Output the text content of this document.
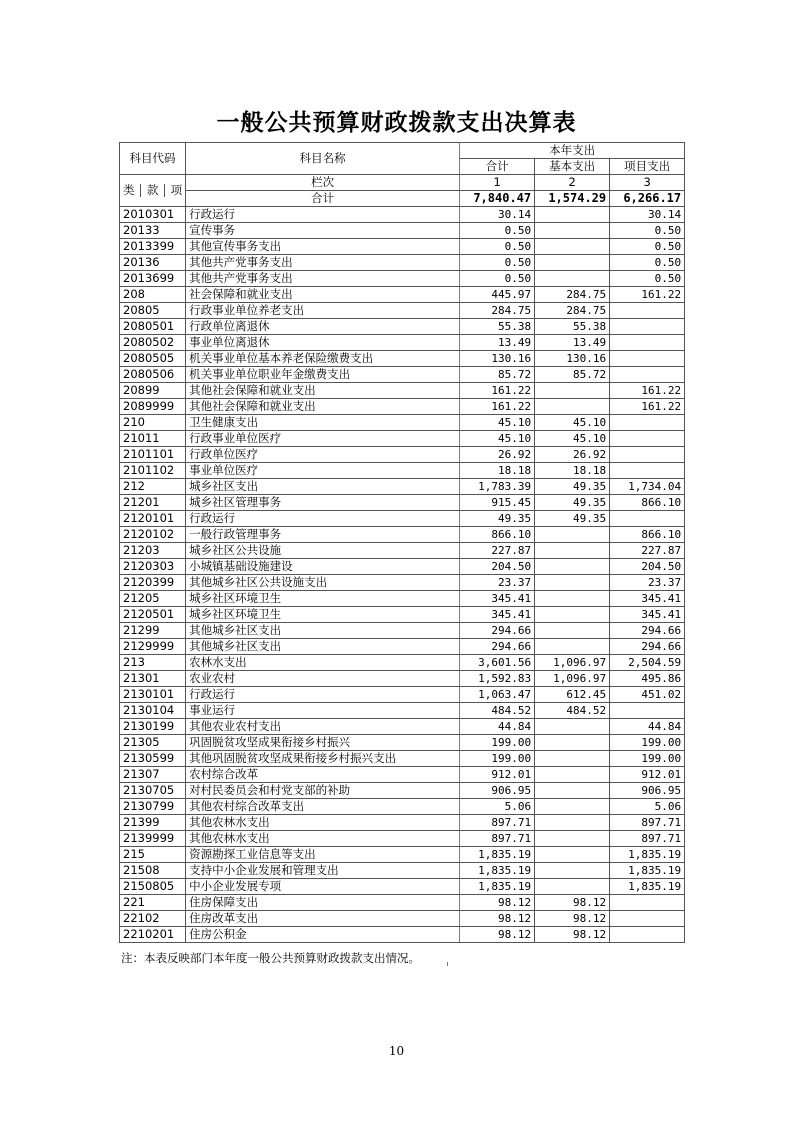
一般公共预算财政拨款支出决算表
科目代码	科目名称	本年支出		
		合计	基本支出	项目支出
类 款 项	栏次	1	2	3
	合计	7,840.47	1,574.29	6,266.17
2010301	行政运行	30.14		30.14
20133	宣传事务	0.50		0.50
2013399	其他宣传事务支出	0.50		0.50
20136	其他共产党事务支出	0.50		0.50
2013699	其他共产党事务支出	0.50		0.50
208	社会保障和就业支出	445.97	284.75	161.22
20805	行政事业单位养老支出	284.75	284.75	
2080501	行政单位离退休	55.38	55.38	
2080502	事业单位离退休	13.49	13.49	
2080505	机关事业单位基本养老保险缴费支出	130.16	130.16	
2080506	机关事业单位职业年金缴费支出	85.72	85.72	
20899	其他社会保障和就业支出	161.22		161.22
2089999	其他社会保障和就业支出	161.22		161.22
210	卫生健康支出	45.10	45.10	
21011	行政事业单位医疗	45.10	45.10	
2101101	行政单位医疗	26.92	26.92	
2101102	事业单位医疗	18.18	18.18	
212	城乡社区支出	1,783.39	49.35	1,734.04
21201	城乡社区管理事务	915.45	49.35	866.10
2120101	行政运行	49.35	49.35	
2120102	一般行政管理事务	866.10		866.10
21203	城乡社区公共设施	227.87		227.87
2120303	小城镇基础设施建设	204.50		204.50
2120399	其他城乡社区公共设施支出	23.37		23.37
21205	城乡社区环境卫生	345.41		345.41
2120501	城乡社区环境卫生	345.41		345.41
21299	其他城乡社区支出	294.66		294.66
2129999	其他城乡社区支出	294.66		294.66
213	农林水支出	3,601.56	1,096.97	2,504.59
21301	农业农村	1,592.83	1,096.97	495.86
2130101	行政运行	1,063.47	612.45	451.02
2130104	事业运行	484.52	484.52	
2130199	其他农业农村支出	44.84		44.84
21305	巩固脱贫攻坚成果衔接乡村振兴	199.00		199.00
2130599	其他巩固脱贫攻坚成果衔接乡村振兴支出	199.00		199.00
21307	农村综合改革	912.01		912.01
2130705	对村民委员会和村党支部的补助	906.95		906.95
2130799	其他农村综合改革支出	5.06		5.06
21399	其他农林水支出	897.71		897.71
2139999	其他农林水支出	897.71		897.71
215	资源勘探工业信息等支出	1,835.19		1,835.19
21508	支持中小企业发展和管理支出	1,835.19		1,835.19
2150805	中小企业发展专项	1,835.19		1,835.19
221	住房保障支出	98.12	98.12	
22102	住房改革支出	98.12	98.12	
2210201	住房公积金	98.12	98.12	
注：本表反映部门本年度一般公共预算财政拨款支出情况。
10
